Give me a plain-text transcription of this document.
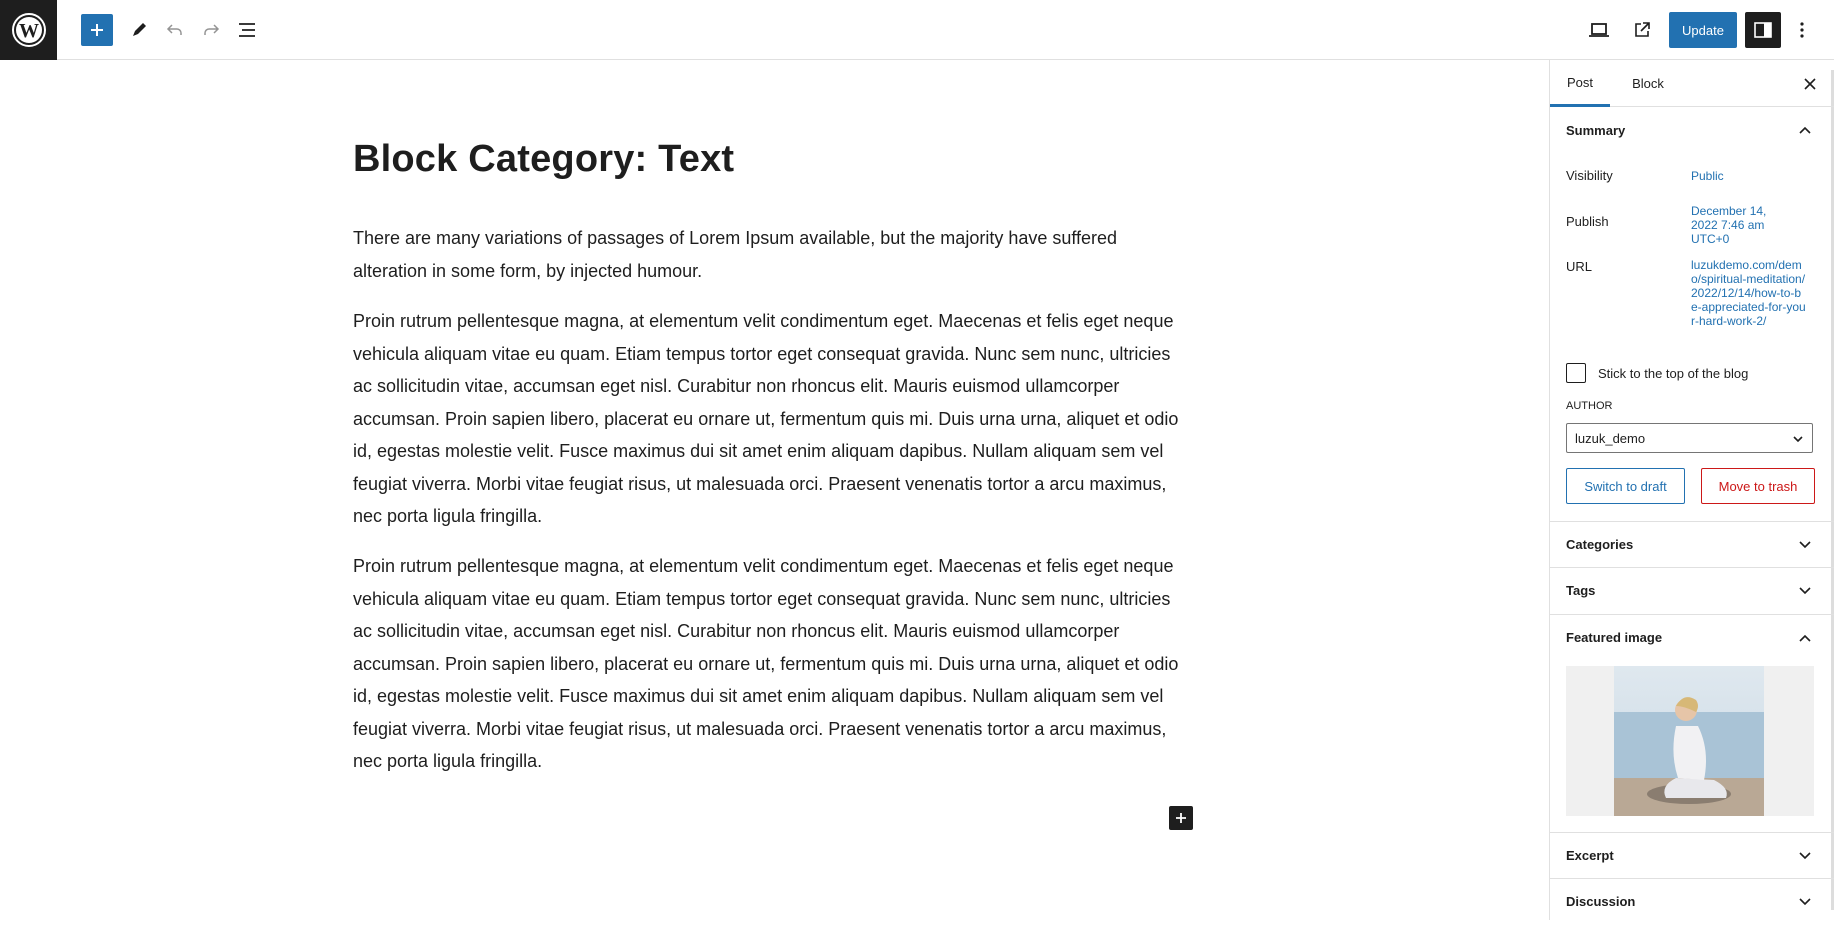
W	Update
Block Category: Text

There are many variations of passages of Lorem Ipsum available, but the majority have suffered alteration in some form, by injected humour.

Proin rutrum pellentesque magna, at elementum velit condimentum eget. Maecenas et felis eget neque vehicula aliquam vitae eu quam. Etiam tempus tortor eget consequat gravida. Nunc sem nunc, ultricies ac sollicitudin vitae, accumsan eget nisl. Curabitur non rhoncus elit. Mauris euismod ullamcorper accumsan. Proin sapien libero, placerat eu ornare ut, fermentum quis mi. Duis urna urna, aliquet et odio id, egestas molestie velit. Fusce maximus dui sit amet enim aliquam dapibus. Nullam aliquam sem vel feugiat viverra. Morbi vitae feugiat risus, ut malesuada orci. Praesent venenatis tortor a arcu maximus, nec porta ligula fringilla.

Proin rutrum pellentesque magna, at elementum velit condimentum eget. Maecenas et felis eget neque vehicula aliquam vitae eu quam. Etiam tempus tortor eget consequat gravida. Nunc sem nunc, ultricies ac sollicitudin vitae, accumsan eget nisl. Curabitur non rhoncus elit. Mauris euismod ullamcorper accumsan. Proin sapien libero, placerat eu ornare ut, fermentum quis mi. Duis urna urna, aliquet et odio id, egestas molestie velit. Fusce maximus dui sit amet enim aliquam dapibus. Nullam aliquam sem vel feugiat viverra. Morbi vitae feugiat risus, ut malesuada orci. Praesent venenatis tortor a arcu maximus, nec porta ligula fringilla.

Post	Block
Summary
Visibility	Public
Publish
December 14, 2022 7:46 am UTC+0
URL	luzukdemo.com/demo/spiritual-meditation/2022/12/14/how-to-be-appreciated-for-your-hard-work-2/
Stick to the top of the blog
AUTHOR
luzuk_demo
Switch to draft	Move to trash
Categories
Tags
Featured image
Excerpt
Discussion
